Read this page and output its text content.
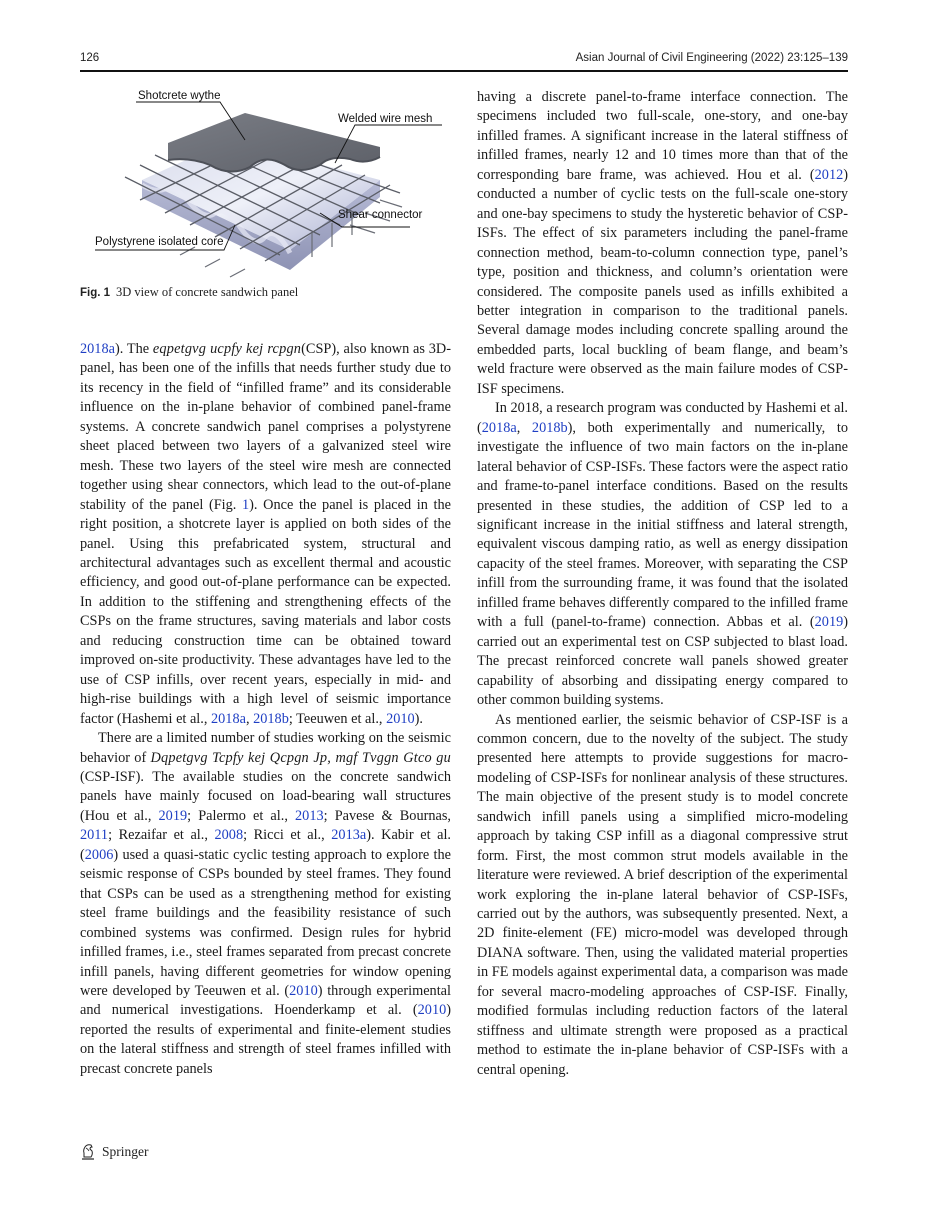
126	Asian Journal of Civil Engineering (2022) 23:125–139
Shotcrete wythe
Welded wire mesh
Shear connector
Polystyrene isolated core
Fig. 1 3D view of concrete sandwich panel

2018a). The eqpetgvg ucpfy kej rcpgn(CSP), also known as 3D-panel, has been one of the infills that needs further study due to its recency in the field of “infilled frame” and its considerable influence on the in-plane behavior of combined panel-frame systems. A concrete sandwich panel comprises a polystyrene sheet placed between two layers of a galvanized steel wire mesh. These two layers of the steel wire mesh are connected together using shear connectors, which lead to the out-of-plane stability of the panel (Fig. 1). Once the panel is placed in the right position, a shotcrete layer is applied on both sides of the panel. Using this prefabricated system, structural and architectural advantages such as excellent thermal and acoustic efficiency, and good out-of-plane performance can be expected. In addition to the stiffening and strengthening effects of the CSPs on the frame structures, saving materials and labor costs and reducing construction time can be obtained toward improved on-site productivity. These advantages have led to the use of CSP infills, over recent years, especially in mid- and high-rise buildings with a high level of seismic importance factor (Hashemi et al., 2018a, 2018b; Teeuwen et al., 2010).

There are a limited number of studies working on the seismic behavior of Dqpetgvg Tcpfy kej Qcpgn Jp, mgf Tvggn Gtco gu (CSP-ISF). The available studies on the concrete sandwich panels have mainly focused on load-bearing wall structures (Hou et al., 2019; Palermo et al., 2013; Pavese & Bournas, 2011; Rezaifar et al., 2008; Ricci et al., 2013a). Kabir et al. (2006) used a quasi-static cyclic testing approach to explore the seismic response of CSPs bounded by steel frames. They found that CSPs can be used as a strengthening method for existing steel frame buildings and the feasibility resistance of such combined systems was confirmed. Design rules for hybrid infilled frames, i.e., steel frames separated from precast concrete infill panels, having different geometries for window opening were developed by Teeuwen et al. (2010) through experimental and numerical investigations. Hoenderkamp et al. (2010) reported the results of experimental and finite-element studies on the lateral stiffness and strength of steel frames infilled with precast concrete panels

having a discrete panel-to-frame interface connection. The specimens included two full-scale, one-story, and one-bay infilled frames. A significant increase in the lateral stiffness of infilled frames, nearly 12 and 10 times more than that of the corresponding bare frame, was achieved. Hou et al. (2012) conducted a number of cyclic tests on the full-scale one-story and one-bay specimens to study the hysteretic behavior of CSP-ISFs. The effect of six parameters including the panel-frame connection method, beam-to-column connection type, panel’s type, position and thickness, and column’s orientation were considered. The composite panels used as infills exhibited a better integration in comparison to the traditional panels. Several damage modes including concrete spalling around the embedded parts, local buckling of beam flange, and beam’s weld fracture were observed as the main failure modes of CSP-ISF specimens.

In 2018, a research program was conducted by Hashemi et al. (2018a, 2018b), both experimentally and numerically, to investigate the influence of two main factors on the in-plane lateral behavior of CSP-ISFs. These factors were the aspect ratio and frame-to-panel interface conditions. Based on the results presented in these studies, the addition of CSP led to a significant increase in the initial stiffness and lateral strength, equivalent viscous damping ratio, as well as energy dissipation capacity of the steel frames. Moreover, with separating the CSP infill from the surrounding frame, it was found that the isolated infilled frame behaves differently compared to the infilled frame with a full (panel-to-frame) connection. Abbas et al. (2019) carried out an experimental test on CSP subjected to blast load. The precast reinforced concrete wall panels showed greater capability of absorbing and dissipating energy compared to other common building systems.

As mentioned earlier, the seismic behavior of CSP-ISF is a common concern, due to the novelty of the subject. The study presented here attempts to provide suggestions for macro-modeling of CSP-ISFs for nonlinear analysis of these structures. The main objective of the present study is to model concrete sandwich infill panels using a simplified micro-modeling approach by taking CSP infill as a diagonal compressive strut form. First, the most common strut models available in the literature were reviewed. A brief description of the experimental work exploring the in-plane lateral behavior of CSP-ISFs, carried out by the authors, was subsequently presented. Next, a 2D finite-element (FE) micro-model was developed through DIANA software. Then, using the validated material properties in FE models against experimental data, a comparison was made for several macro-modeling approaches of CSP-ISF. Finally, modified formulas including reduction factors of the lateral stiffness and ultimate strength were proposed as a practical method to estimate the in-plane behavior of CSP-ISFs with a central opening.

Springer
